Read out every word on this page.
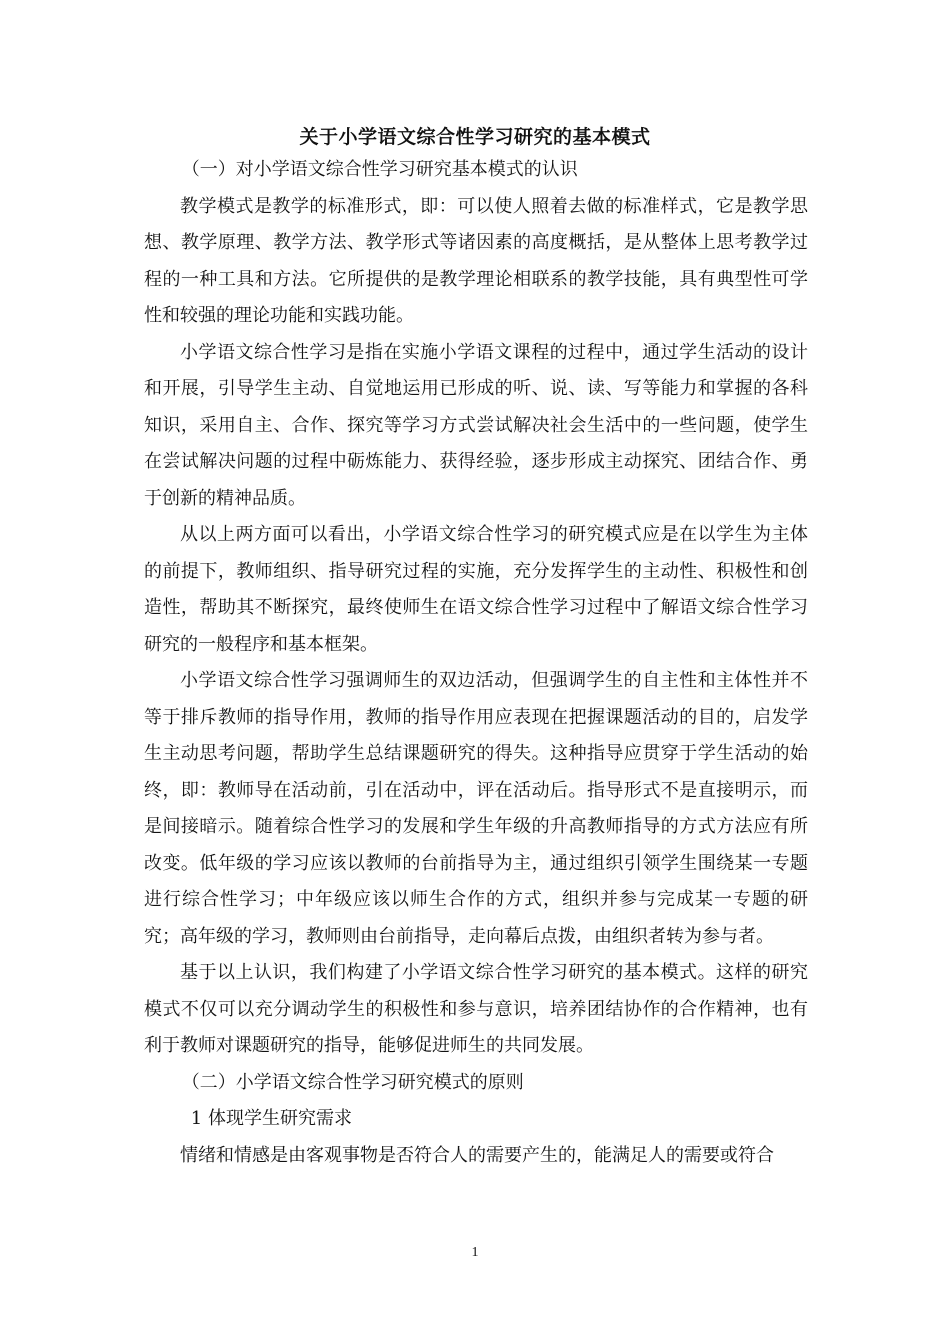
关于小学语文综合性学习研究的基本模式

（一）对小学语文综合性学习研究基本模式的认识

教学模式是教学的标准形式，即：可以使人照着去做的标准样式，它是教学思想、教学原理、教学方法、教学形式等诸因素的高度概括，是从整体上思考教学过程的一种工具和方法。它所提供的是教学理论相联系的教学技能，具有典型性可学性和较强的理论功能和实践功能。

小学语文综合性学习是指在实施小学语文课程的过程中，通过学生活动的设计和开展，引导学生主动、自觉地运用已形成的听、说、读、写等能力和掌握的各科知识，采用自主、合作、探究等学习方式尝试解决社会生活中的一些问题，使学生在尝试解决问题的过程中砺炼能力、获得经验，逐步形成主动探究、团结合作、勇于创新的精神品质。

从以上两方面可以看出，小学语文综合性学习的研究模式应是在以学生为主体的前提下，教师组织、指导研究过程的实施，充分发挥学生的主动性、积极性和创造性，帮助其不断探究，最终使师生在语文综合性学习过程中了解语文综合性学习研究的一般程序和基本框架。

小学语文综合性学习强调师生的双边活动，但强调学生的自主性和主体性并不等于排斥教师的指导作用，教师的指导作用应表现在把握课题活动的目的，启发学生主动思考问题，帮助学生总结课题研究的得失。这种指导应贯穿于学生活动的始终，即：教师导在活动前，引在活动中，评在活动后。指导形式不是直接明示，而是间接暗示。随着综合性学习的发展和学生年级的升高教师指导的方式方法应有所改变。低年级的学习应该以教师的台前指导为主，通过组织引领学生围绕某一专题进行综合性学习；中年级应该以师生合作的方式，组织并参与完成某一专题的研究；高年级的学习，教师则由台前指导，走向幕后点拨，由组织者转为参与者。

基于以上认识，我们构建了小学语文综合性学习研究的基本模式。这样的研究模式不仅可以充分调动学生的积极性和参与意识，培养团结协作的合作精神，也有利于教师对课题研究的指导，能够促进师生的共同发展。

（二）小学语文综合性学习研究模式的原则

1 体现学生研究需求

情绪和情感是由客观事物是否符合人的需要产生的，能满足人的需要或符合

1
